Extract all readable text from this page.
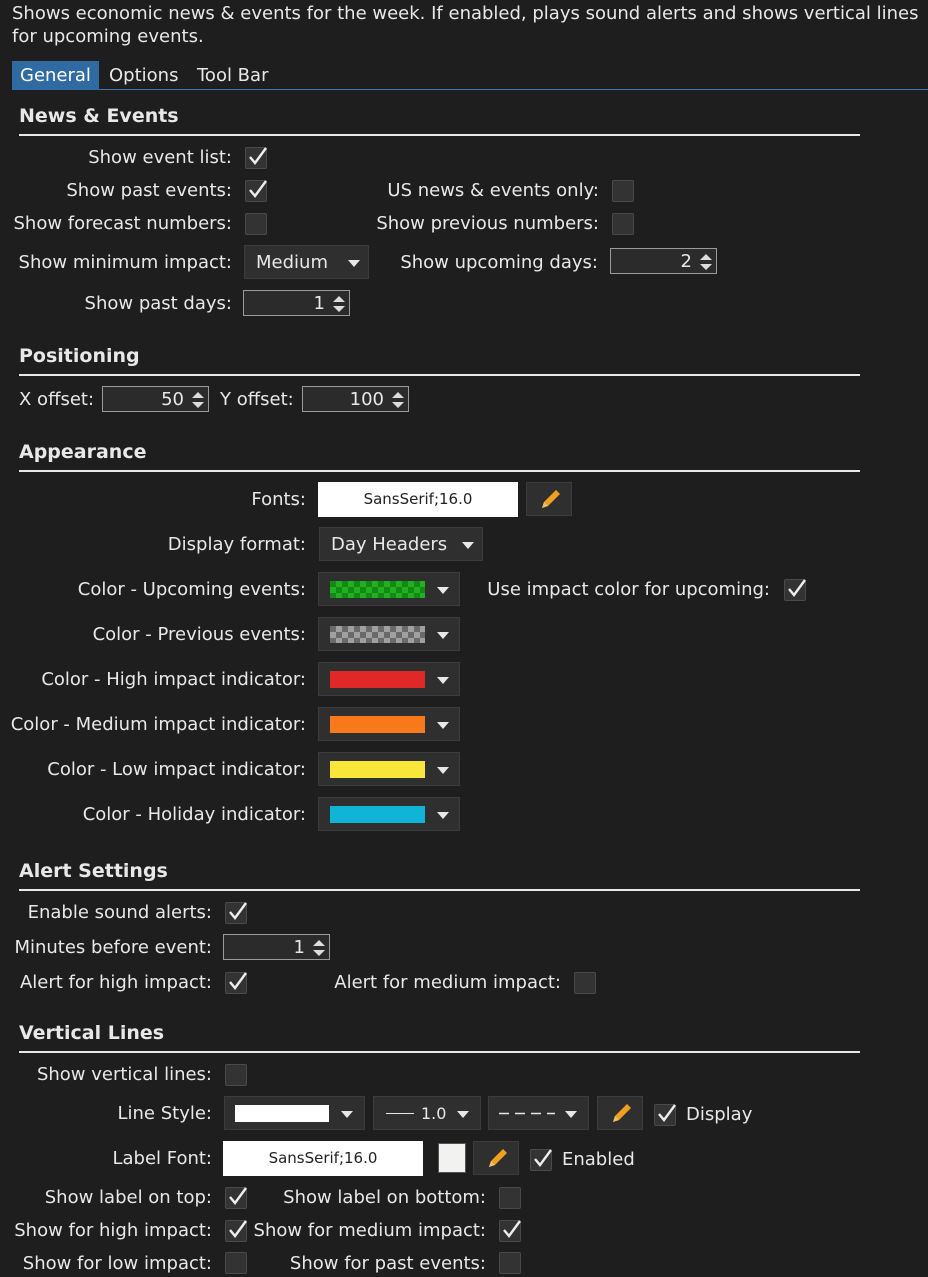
Shows economic news & events for the week. If enabled, plays sound alerts and shows vertical lines for upcoming events.
General	Options	Tool Bar
News & Events
Show event list:
Show past events:	US news & events only:
Show forecast numbers:	Show previous numbers:
Show minimum impact: Medium	Show upcoming days:	2
Show past days:	1
Positioning
X offset:	50 Y offset:	100
Appearance
Fonts:	SansSerif;16.0
Display format: Day Headers
Color - Upcoming events:	Use impact color for upcoming:
Color - Previous events:
Color - High impact indicator:
Color - Medium impact indicator:
Color - Low impact indicator:
Color - Holiday indicator:
Alert Settings
Enable sound alerts:
Minutes before event:	1
Alert for high impact:	Alert for medium impact:
Vertical Lines
Show vertical lines:
Line Style:	1.0	Display
Label Font:	SansSerif;16.0	Enabled
Show label on top:	Show label on bottom:
Show for high impact: Show for medium impact:
Show for low impact:	Show for past events:
